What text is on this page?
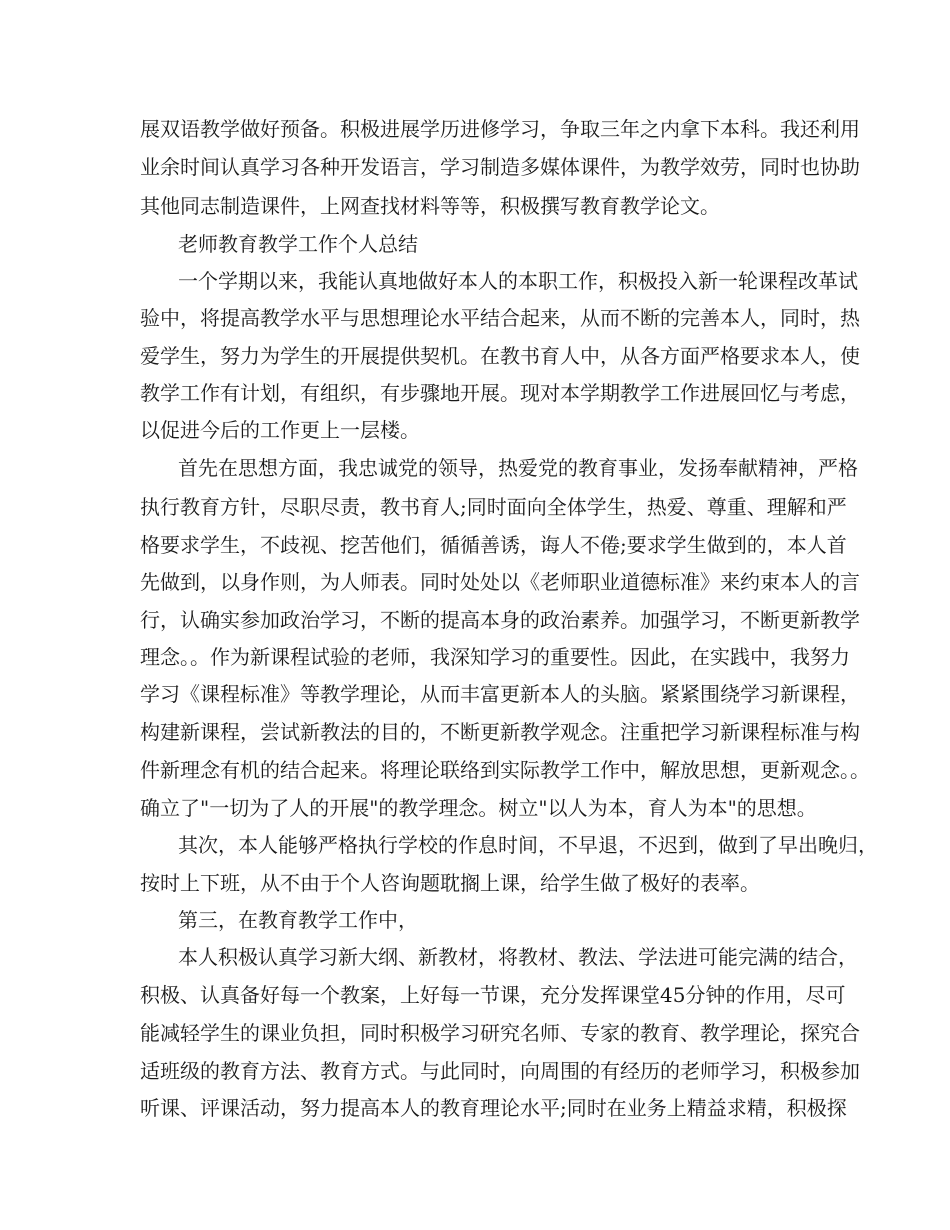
展双语教学做好预备。积极进展学历进修学习，争取三年之内拿下本科。我还利用
业余时间认真学习各种开发语言，学习制造多媒体课件，为教学效劳，同时也协助
其他同志制造课件，上网查找材料等等，积极撰写教育教学论文。
老师教育教学工作个人总结
一个学期以来，我能认真地做好本人的本职工作，积极投入新一轮课程改革试
验中，将提高教学水平与思想理论水平结合起来，从而不断的完善本人，同时，热
爱学生，努力为学生的开展提供契机。在教书育人中，从各方面严格要求本人，使
教学工作有计划，有组织，有步骤地开展。现对本学期教学工作进展回忆与考虑，
以促进今后的工作更上一层楼。
首先在思想方面，我忠诚党的领导，热爱党的教育事业，发扬奉献精神，严格
执行教育方针，尽职尽责，教书育人;同时面向全体学生，热爱、尊重、理解和严
格要求学生，不歧视、挖苦他们，循循善诱，诲人不倦;要求学生做到的，本人首
先做到，以身作则，为人师表。同时处处以《老师职业道德标准》来约束本人的言
行，认确实参加政治学习，不断的提高本身的政治素养。加强学习，不断更新教学
理念。。作为新课程试验的老师，我深知学习的重要性。因此，在实践中，我努力
学习《课程标准》等教学理论，从而丰富更新本人的头脑。紧紧围绕学习新课程，
构建新课程，尝试新教法的目的，不断更新教学观念。注重把学习新课程标准与构
件新理念有机的结合起来。将理论联络到实际教学工作中，解放思想，更新观念。。
确立了"一切为了人的开展"的教学理念。树立"以人为本，育人为本"的思想。
其次，本人能够严格执行学校的作息时间，不早退，不迟到，做到了早出晚归，
按时上下班，从不由于个人咨询题耽搁上课，给学生做了极好的表率。
第三，在教育教学工作中，
本人积极认真学习新大纲、新教材，将教材、教法、学法进可能完满的结合，
积极、认真备好每一个教案，上好每一节课，充分发挥课堂45分钟的作用，尽可
能减轻学生的课业负担，同时积极学习研究名师、专家的教育、教学理论，探究合
适班级的教育方法、教育方式。与此同时，向周围的有经历的老师学习，积极参加
听课、评课活动，努力提高本人的教育理论水平;同时在业务上精益求精，积极探
